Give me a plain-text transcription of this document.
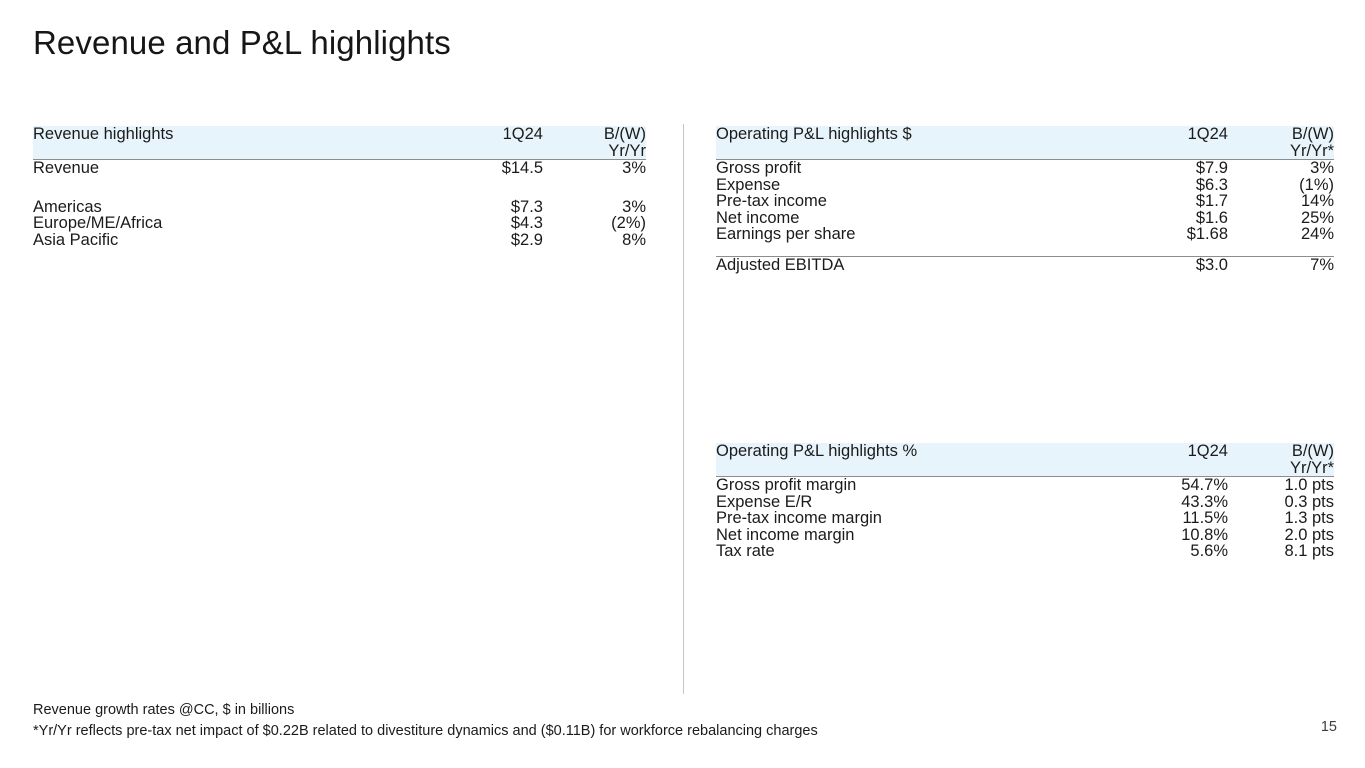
Revenue and P&L highlights
Revenue highlights	1Q24	B/(W)
		Yr/Yr
Revenue	$14.5	3%

Americas	$7.3	3%
Europe/ME/Africa	$4.3	(2%)
Asia Pacific	$2.9	8%
Operating P&L highlights $	1Q24	B/(W)
		Yr/Yr*
Gross profit	$7.9	3%
Expense	$6.3	(1%)
Pre-tax income	$1.7	14%
Net income	$1.6	25%
Earnings per share	$1.68	24%
Adjusted EBITDA	$3.0	7%
Operating P&L highlights %	1Q24	B/(W)
		Yr/Yr*
Gross profit margin	54.7%	1.0 pts
Expense E/R	43.3%	0.3 pts
Pre-tax income margin	11.5%	1.3 pts
Net income margin	10.8%	2.0 pts
Tax rate	5.6%	8.1 pts
Revenue growth rates @CC, $ in billions
*Yr/Yr reflects pre-tax net impact of $0.22B related to divestiture dynamics and ($0.11B) for workforce rebalancing charges	15
